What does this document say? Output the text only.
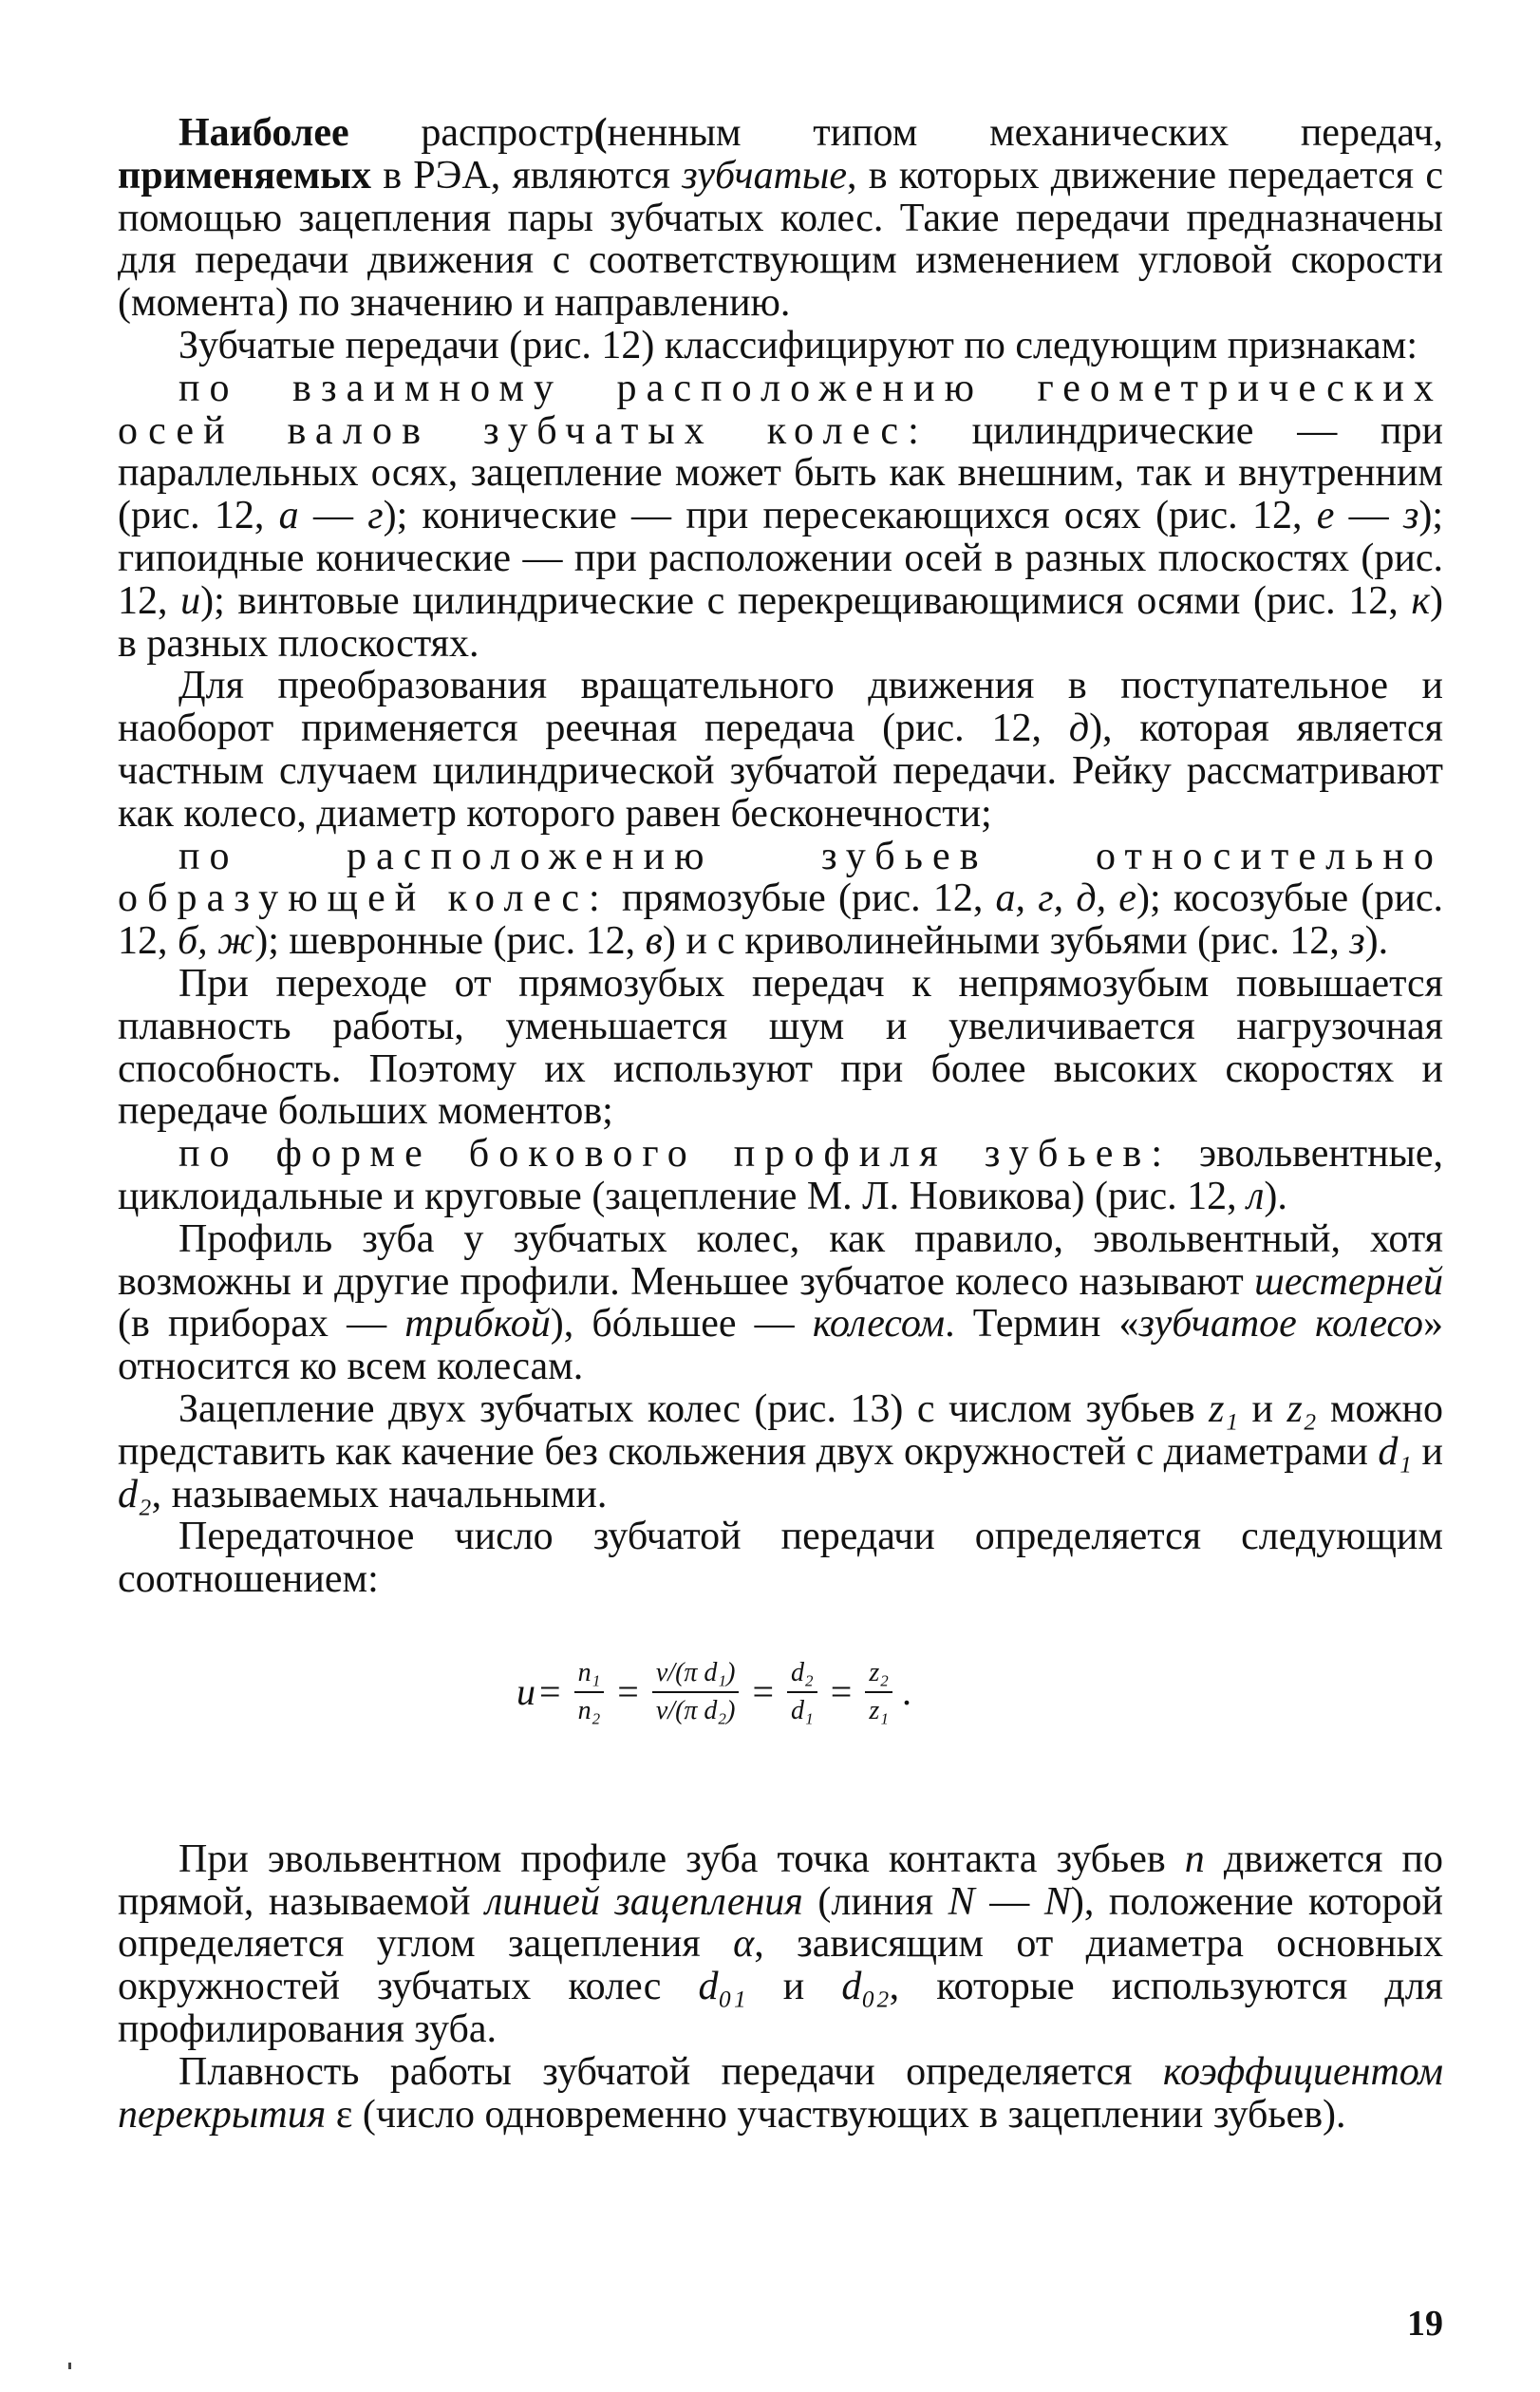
Наиболее распростр(ненным типом механических передач, применяемых в РЭА, являются зубчатые, в которых движение передается с помощью зацепления пары зубчатых колес. Такие передачи предназначены для передачи движения с соответствующим изменением угловой скорости (момента) по значению и направлению.

Зубчатые передачи (рис. 12) классифицируют по следующим признакам:

по взаимному расположению геометрических осей валов зубчатых колес: цилиндрические — при параллельных осях, зацепление может быть как внешним, так и внутренним (рис. 12, а — г); конические — при пересекающихся осях (рис. 12, е — з); гипоидные конические — при расположении осей в разных плоскостях (рис. 12, и); винтовые цилиндрические с перекрещивающимися осями (рис. 12, к) в разных плоскостях.

Для преобразования вращательного движения в поступательное и наоборот применяется реечная передача (рис. 12, д), которая является частным случаем цилиндрической зубчатой передачи. Рейку рассматривают как колесо, диаметр которого равен бесконечности;

по расположению зубьев относительно образующей колес: прямозубые (рис. 12, а, г, д, е); косозубые (рис. 12, б, ж); шевронные (рис. 12, в) и с криволинейными зубьями (рис. 12, з).

При переходе от прямозубых передач к непрямозубым повышается плавность работы, уменьшается шум и увеличивается нагрузочная способность. Поэтому их используют при более высоких скоростях и передаче больших моментов;

по форме бокового профиля зубьев: эвольвентные, циклоидальные и круговые (зацепление М. Л. Новикова) (рис. 12, л).

Профиль зуба у зубчатых колес, как правило, эвольвентный, хотя возможны и другие профили. Меньшее зубчатое колесо называют шестерней (в приборах — трибкой), бóльшее — колесом. Термин «зубчатое колесо» относится ко всем колесам.

Зацепление двух зубчатых колес (рис. 13) с числом зубьев z₁ и z₂ можно представить как качение без скольжения двух окружностей с диаметрами d₁ и d₂, называемых начальными.

Передаточное число зубчатой передачи определяется следующим соотношением:

$u = \frac{\text{n₁}}{\text{n₂}} = \frac{\text{v/(π d₁)}}{\text{v/(π d₂)}} = \frac{\text{d₂}}{\text{d₁}} = \frac{\text{z₂}}{\text{z₁}}$ .

При эвольвентном профиле зуба точка контакта зубьев n движется по прямой, называемой линией зацепления (линия N — N), положение которой определяется углом зацепления α, зависящим от диаметра основных окружностей зубчатых колес d₀₁ и d₀₂, которые используются для профилирования зуба.

Плавность работы зубчатой передачи определяется коэффициентом перекрытия ε (число одновременно участвующих в зацеплении зубьев).

19
